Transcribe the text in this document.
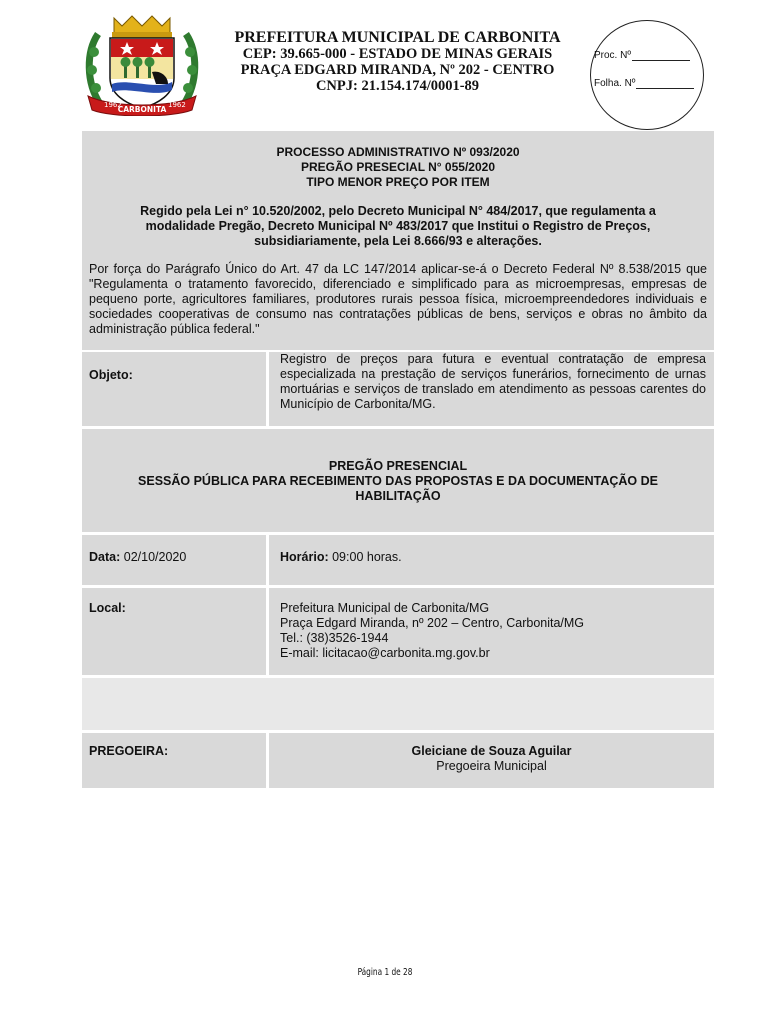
1962
CARBONITA 1962
PREFEITURA MUNICIPAL DE CARBONITA
CEP: 39.665-000 - ESTADO DE MINAS GERAIS
PRAÇA EDGARD MIRANDA, Nº 202 - CENTRO
CNPJ: 21.154.174/0001-89
Proc. Nº
Folha. Nº
PROCESSO ADMINISTRATIVO Nº 093/2020
PREGÃO PRESECIAL N° 055/2020
TIPO MENOR PREÇO POR ITEM
Regido pela Lei n° 10.520/2002, pelo Decreto Municipal N° 484/2017, que regulamenta a
modalidade Pregão, Decreto Municipal Nº 483/2017 que Institui o Registro de Preços,
subsidiariamente, pela Lei 8.666/93 e alterações.
Por força do Parágrafo Único do Art. 47 da LC 147/2014 aplicar-se-á o Decreto Federal Nº 8.538/2015 que "Regulamenta o tratamento favorecido, diferenciado e simplificado para as microempresas, empresas de pequeno porte, agricultores familiares, produtores rurais pessoa física, microempreendedores individuais e sociedades cooperativas de consumo nas contratações públicas de bens, serviços e obras no âmbito da administração pública federal."
Objeto:
Registro de preços para futura e eventual contratação de empresa especializada na prestação de serviços funerários, fornecimento de urnas mortuárias e serviços de translado em atendimento as pessoas carentes do Município de Carbonita/MG.
PREGÃO PRESENCIAL
SESSÃO PÚBLICA PARA RECEBIMENTO DAS PROPOSTAS E DA DOCUMENTAÇÃO DE
HABILITAÇÃO
Data: 02/10/2020	Horário: 09:00 horas.
Local:	Prefeitura Municipal de Carbonita/MG
Praça Edgard Miranda, nº 202 – Centro, Carbonita/MG
Tel.: (38)3526-1944
E-mail: licitacao@carbonita.mg.gov.br
PREGOEIRA:	Gleiciane de Souza Aguilar
Pregoeira Municipal
Página 1 de 28
